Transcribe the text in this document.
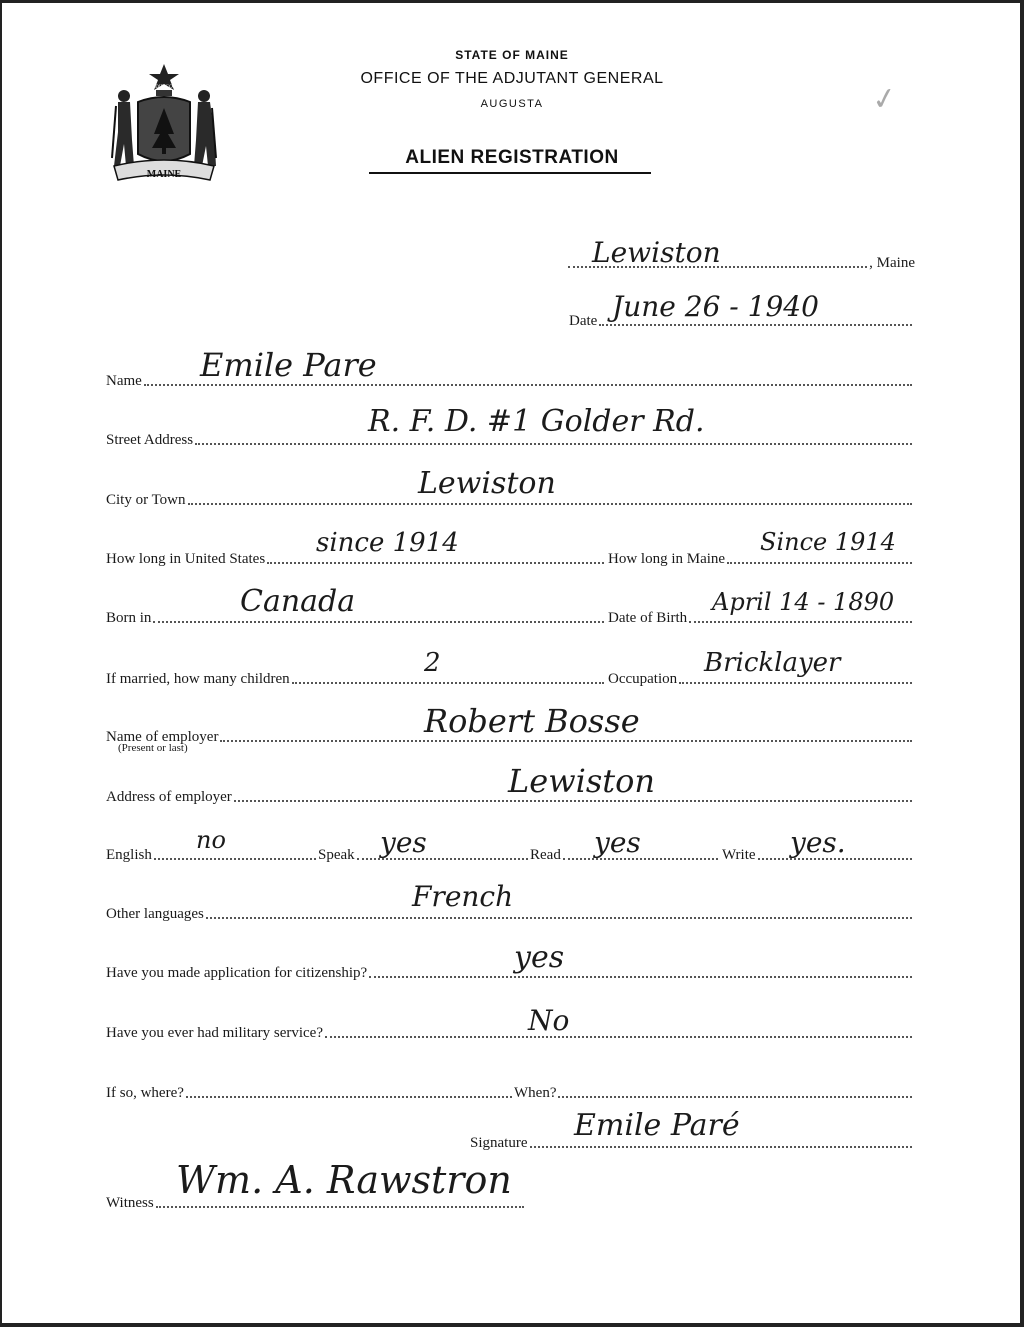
MAINE
DIRIGO
STATE OF MAINE
OFFICE OF THE ADJUTANT GENERAL
AUGUSTA
ALIEN REGISTRATION
✓
, Maine
Lewiston
Date June 26 - 1940
Name Emile Pare
Street Address
R. F. D. #1 Golder Rd.
City or Town	Lewiston
How long in United States
since 1914
How long in Maine
Since 1914
Born in	Canada	Date of Birth
April 14 - 1890
If married, how many children
2
Occupation
Bricklayer
Name of employer
(Present or last)
Robert Bosse
Address of employer	Lewiston
English
no
Speak yes	Read yes	Write yes.
Other languages
French
Have you made application for citizenship?	yes
Have you ever had military service?	No
If so, where?	When?
Signature Emile Paré
Witness
Wm. A. Rawstron
